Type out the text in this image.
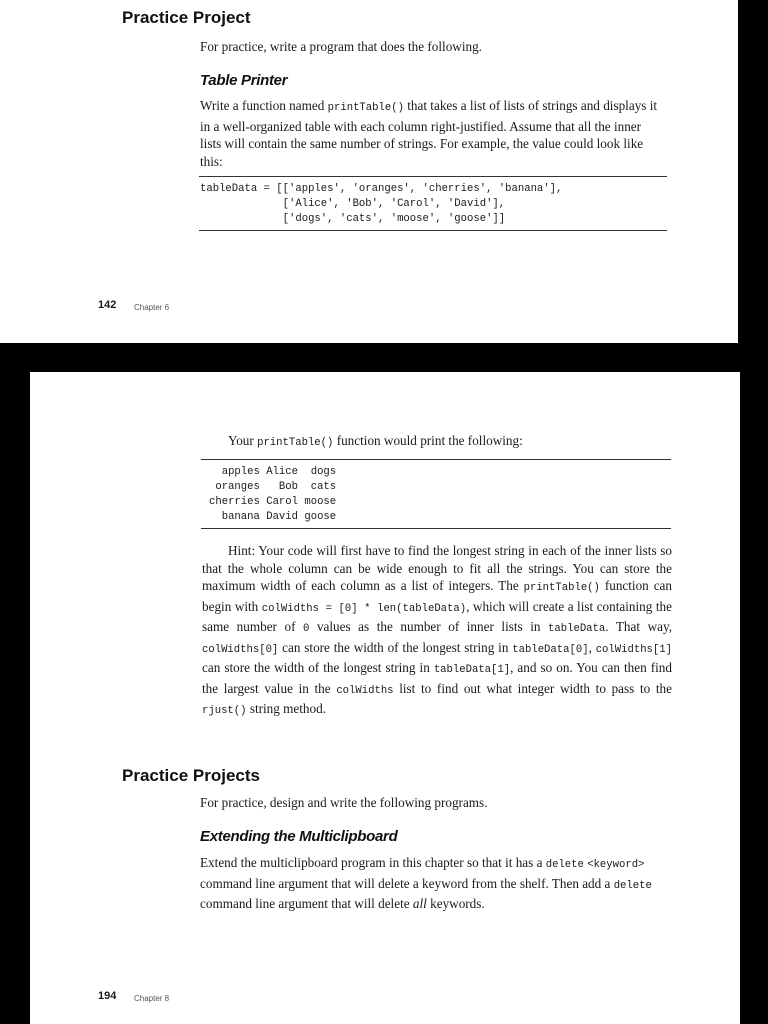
Practice Project
For practice, write a program that does the following.
Table Printer
Write a function named printTable() that takes a list of lists of strings and displays it in a well-organized table with each column right-justified. Assume that all the inner lists will contain the same number of strings. For example, the value could look like this:
tableData = [['apples', 'oranges', 'cherries', 'banana'],
['Alice', 'Bob', 'Carol', 'David'],
['dogs', 'cats', 'moose', 'goose']]
142 Chapter 6
Your printTable() function would print the following:
apples Alice  dogs
oranges   Bob  cats
cherries Carol moose
banana David goose
Hint: Your code will first have to find the longest string in each of the inner lists so that the whole column can be wide enough to fit all the strings. You can store the maximum width of each column as a list of integers. The printTable() function can begin with colWidths = [0] * len(tableData), which will create a list containing the same number of 0 values as the number of inner lists in tableData. That way, colWidths[0] can store the width of the longest string in tableData[0], colWidths[1] can store the width of the longest string in tableData[1], and so on. You can then find the largest value in the colWidths list to find out what integer width to pass to the rjust() string method.
Practice Projects
For practice, design and write the following programs.
Extending the Multiclipboard
Extend the multiclipboard program in this chapter so that it has a delete <keyword> command line argument that will delete a keyword from the shelf. Then add a delete command line argument that will delete all keywords.
194 Chapter 8
